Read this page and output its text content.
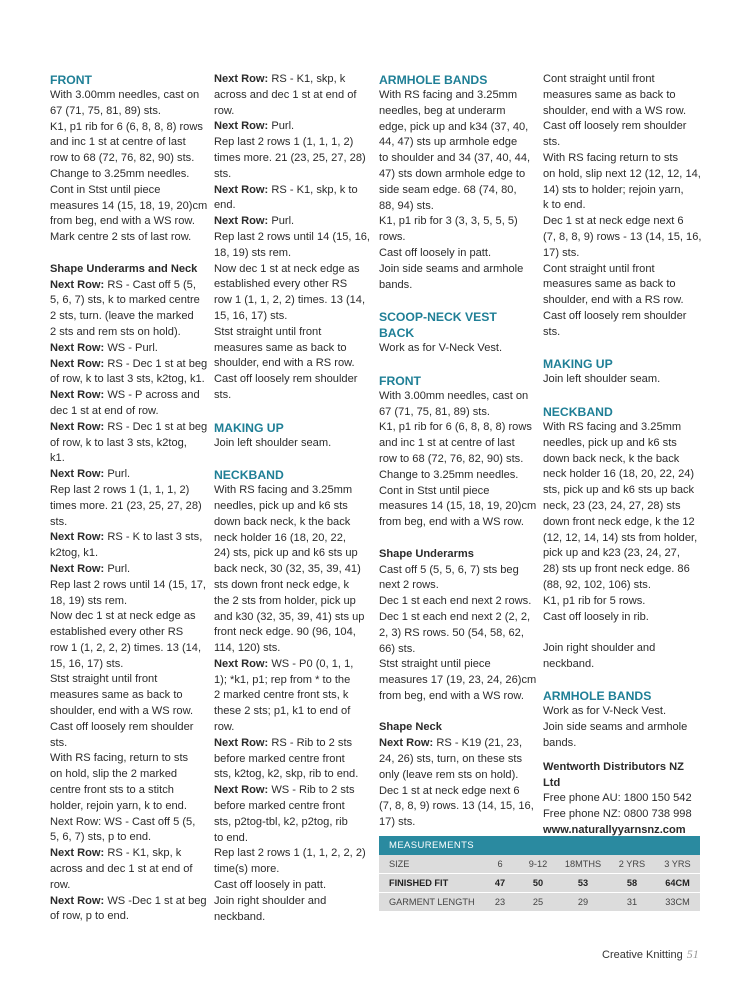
FRONT

With 3.00mm needles, cast on

67 (71, 75, 81, 89) sts.

K1, p1 rib for 6 (6, 8, 8, 8) rows

and inc 1 st at centre of last

row to 68 (72, 76, 82, 90) sts.

Change to 3.25mm needles.

Cont in Stst until piece

measures 14 (15, 18, 19, 20)cm

from beg, end with a WS row.

Mark centre 2 sts of last row.

Shape Underarms and Neck

Next Row: RS - Cast off 5 (5,

5, 6, 7) sts, k to marked centre

2 sts, turn. (leave the marked

2 sts and rem sts on hold).

Next Row: WS - Purl.

Next Row: RS - Dec 1 st at beg

of row, k to last 3 sts, k2tog, k1.

Next Row: WS - P across and

dec 1 st at end of row.

Next Row: RS - Dec 1 st at beg

of row, k to last 3 sts, k2tog,

k1.

Next Row: Purl.

Rep last 2 rows 1 (1, 1, 1, 2)

times more. 21 (23, 25, 27, 28)

sts.

Next Row: RS - K to last 3 sts,

k2tog, k1.

Next Row: Purl.

Rep last 2 rows until 14 (15, 17,

18, 19) sts rem.

Now dec 1 st at neck edge as

established every other RS

row 1 (1, 2, 2, 2) times. 13 (14,

15, 16, 17) sts.

Stst straight until front

measures same as back to

shoulder, end with a WS row.

Cast off loosely rem shoulder

sts.

With RS facing, return to sts

on hold, slip the 2 marked

centre front sts to a stitch

holder, rejoin yarn, k to end.

Next Row: WS - Cast off 5 (5,

5, 6, 7) sts, p to end.

Next Row: RS - K1, skp, k

across and dec 1 st at end of

row.

Next Row: WS -Dec 1 st at beg

of row, p to end.

Next Row: RS - K1, skp, k

across and dec 1 st at end of

row.

Next Row: Purl.

Rep last 2 rows 1 (1, 1, 1, 2)

times more. 21 (23, 25, 27, 28)

sts.

Next Row: RS - K1, skp, k to

end.

Next Row: Purl.

Rep last 2 rows until 14 (15, 16,

18, 19) sts rem.

Now dec 1 st at neck edge as

established every other RS

row 1 (1, 1, 2, 2) times. 13 (14,

15, 16, 17) sts.

Stst straight until front

measures same as back to

shoulder, end with a RS row.

Cast off loosely rem shoulder

sts.

MAKING UP

Join left shoulder seam.

NECKBAND

With RS facing and 3.25mm

needles, pick up and k6 sts

down back neck, k the back

neck holder 16 (18, 20, 22,

24) sts, pick up and k6 sts up

back neck, 30 (32, 35, 39, 41)

sts down front neck edge, k

the 2 sts from holder, pick up

and k30 (32, 35, 39, 41) sts up

front neck edge. 90 (96, 104,

114, 120) sts.

Next Row: WS - P0 (0, 1, 1,

1); *k1, p1; rep from * to the

2 marked centre front sts, k

these 2 sts; p1, k1 to end of

row.

Next Row: RS - Rib to 2 sts

before marked centre front

sts, k2tog, k2, skp, rib to end.

Next Row: WS - Rib to 2 sts

before marked centre front

sts, p2tog-tbl, k2, p2tog, rib

to end.

Rep last 2 rows 1 (1, 1, 2, 2, 2)

time(s) more.

Cast off loosely in patt.

Join right shoulder and

neckband.

ARMHOLE BANDS

With RS facing and 3.25mm

needles, beg at underarm

edge, pick up and k34 (37, 40,

44, 47) sts up armhole edge

to shoulder and 34 (37, 40, 44,

47) sts down armhole edge to

side seam edge. 68 (74, 80,

88, 94) sts.

K1, p1 rib for 3 (3, 3, 5, 5, 5)

rows.

Cast off loosely in patt.

Join side seams and armhole

bands.

SCOOP-NECK VEST

BACK

Work as for V-Neck Vest.

FRONT

With 3.00mm needles, cast on

67 (71, 75, 81, 89) sts.

K1, p1 rib for 6 (6, 8, 8, 8) rows

and inc 1 st at centre of last

row to 68 (72, 76, 82, 90) sts.

Change to 3.25mm needles.

Cont in Stst until piece

measures 14 (15, 18, 19, 20)cm

from beg, end with a WS row.

Shape Underarms

Cast off 5 (5, 5, 6, 7) sts beg

next 2 rows.

Dec 1 st each end next 2 rows.

Dec 1 st each end next 2 (2, 2,

2, 3) RS rows. 50 (54, 58, 62,

66) sts.

Stst straight until piece

measures 17 (19, 23, 24, 26)cm

from beg, end with a WS row.

Shape Neck

Next Row: RS - K19 (21, 23,

24, 26) sts, turn, on these sts

only (leave rem sts on hold).

Dec 1 st at neck edge next 6

(7, 8, 8, 9) rows. 13 (14, 15, 16,

17) sts.

Cont straight until front

measures same as back to

shoulder, end with a WS row.

Cast off loosely rem shoulder

sts.

With RS facing return to sts

on hold, slip next 12 (12, 12, 14,

14) sts to holder; rejoin yarn,

k to end.

Dec 1 st at neck edge next 6

(7, 8, 8, 9) rows - 13 (14, 15, 16,

17) sts.

Cont straight until front

measures same as back to

shoulder, end with a RS row.

Cast off loosely rem shoulder

sts.

MAKING UP

Join left shoulder seam.

NECKBAND

With RS facing and 3.25mm

needles, pick up and k6 sts

down back neck, k the back

neck holder 16 (18, 20, 22, 24)

sts, pick up and k6 sts up back

neck, 23 (23, 24, 27, 28) sts

down front neck edge, k the 12

(12, 12, 14, 14) sts from holder,

pick up and k23 (23, 24, 27,

28) sts up front neck edge. 86

(88, 92, 102, 106) sts.

K1, p1 rib for 5 rows.

Cast off loosely in rib.

Join right shoulder and

neckband.

ARMHOLE BANDS

Work as for V-Neck Vest.

Join side seams and armhole

bands.

Wentworth Distributors NZ Ltd

Free phone AU: 1800 150 542

Free phone NZ: 0800 738 998

www.naturallyyarnsnz.com

MEASUREMENTS					
SIZE	6	9-12	18MTHS	2 YRS	3 YRS
FINISHED FIT	47	50	53	58	64CM
GARMENT LENGTH	23	25	29	31	33CM
Creative Knitting 51
